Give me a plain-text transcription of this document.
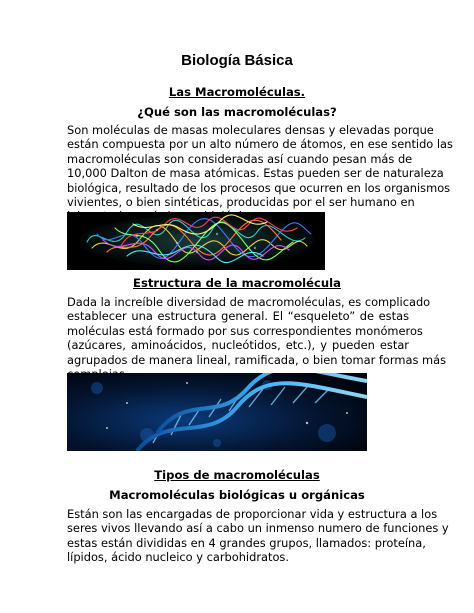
Biología Básica
Las Macromoléculas.
¿Qué son las macromoléculas?
Son moléculas de masas moleculares densas y elevadas porque
están compuesta por un alto número de átomos, en ese sentido las
macromoléculas son consideradas así cuando pesan más de
10,000 Dalton de masa atómicas. Estas pueden ser de naturaleza
biológica, resultado de los procesos que ocurren en los organismos
vivientes, o bien sintéticas, producidas por el ser humano en
Estructura de la macromolécula
Dada la increíble diversidad de macromoléculas, es complicado
establecer una estructura general. El “esqueleto” de estas
moléculas está formado por sus correspondientes monómeros
(azúcares, aminoácidos, nucleótidos, etc.), y pueden estar
agrupados de manera lineal, ramificada, o bien tomar formas más
Tipos de macromoléculas
Macromoléculas biológicas u orgánicas
Están son las encargadas de proporcionar vida y estructura a los
seres vivos llevando así a cabo un inmenso numero de funciones y
estas están divididas en 4 grandes grupos, llamados: proteína,
lípidos, ácido nucleico y carbohidratos.
